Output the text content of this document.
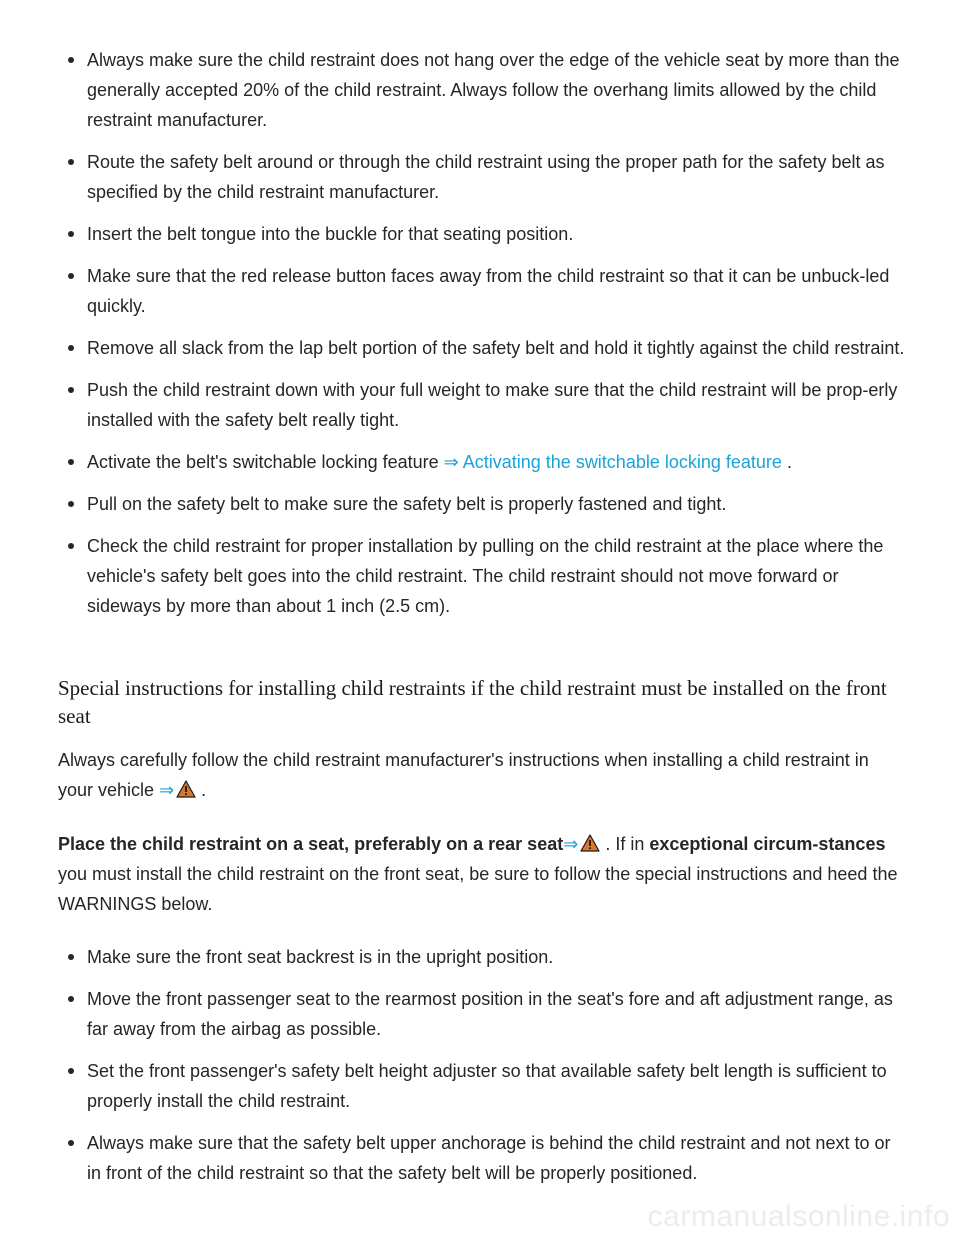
Always make sure the child restraint does not hang over the edge of the vehicle seat by more than the generally accepted 20% of the child restraint. Always follow the overhang limits allowed by the child restraint manufacturer.
Route the safety belt around or through the child restraint using the proper path for the safety belt as specified by the child restraint manufacturer.
Insert the belt tongue into the buckle for that seating position.
Make sure that the red release button faces away from the child restraint so that it can be unbuck-led quickly.
Remove all slack from the lap belt portion of the safety belt and hold it tightly against the child restraint.
Push the child restraint down with your full weight to make sure that the child restraint will be prop-erly installed with the safety belt really tight.
Activate the belt's switchable locking feature ⇒ Activating the switchable locking feature .
Pull on the safety belt to make sure the safety belt is properly fastened and tight.
Check the child restraint for proper installation by pulling on the child restraint at the place where the vehicle's safety belt goes into the child restraint. The child restraint should not move forward or sideways by more than about 1 inch (2.5 cm).
Special instructions for installing child restraints if the child restraint must be installed on the front seat

Always carefully follow the child restraint manufacturer's instructions when installing a child restraint in your vehicle ⇒ .

Place the child restraint on a seat, preferably on a rear seat⇒ . If in exceptional circum-stances you must install the child restraint on the front seat, be sure to follow the special instructions and heed the WARNINGS below.

Make sure the front seat backrest is in the upright position.
Move the front passenger seat to the rearmost position in the seat's fore and aft adjustment range, as far away from the airbag as possible.
Set the front passenger's safety belt height adjuster so that available safety belt length is sufficient to properly install the child restraint.
Always make sure that the safety belt upper anchorage is behind the child restraint and not next to or in front of the child restraint so that the safety belt will be properly positioned.
carmanualsonline.info
